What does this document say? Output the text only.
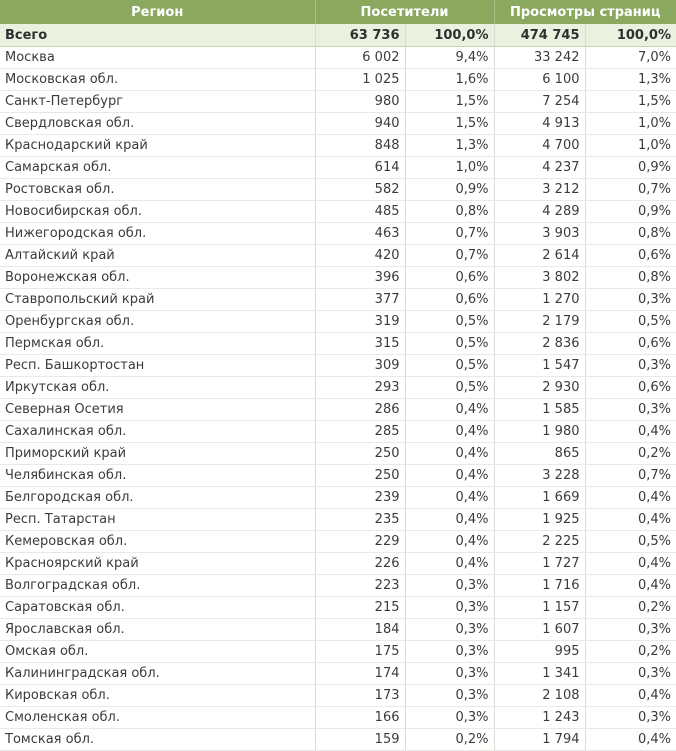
Регион	Посетители		Просмотры страниц	
Всего	63 736	100,0%	474 745	100,0%
Москва	6 002	9,4%	33 242	7,0%
Московская обл.	1 025	1,6%	6 100	1,3%
Санкт-Петербург	980	1,5%	7 254	1,5%
Свердловская обл.	940	1,5%	4 913	1,0%
Краснодарский край	848	1,3%	4 700	1,0%
Самарская обл.	614	1,0%	4 237	0,9%
Ростовская обл.	582	0,9%	3 212	0,7%
Новосибирская обл.	485	0,8%	4 289	0,9%
Нижегородская обл.	463	0,7%	3 903	0,8%
Алтайский край	420	0,7%	2 614	0,6%
Воронежская обл.	396	0,6%	3 802	0,8%
Ставропольский край	377	0,6%	1 270	0,3%
Оренбургская обл.	319	0,5%	2 179	0,5%
Пермская обл.	315	0,5%	2 836	0,6%
Респ. Башкортостан	309	0,5%	1 547	0,3%
Иркутская обл.	293	0,5%	2 930	0,6%
Северная Осетия	286	0,4%	1 585	0,3%
Сахалинская обл.	285	0,4%	1 980	0,4%
Приморский край	250	0,4%	865	0,2%
Челябинская обл.	250	0,4%	3 228	0,7%
Белгородская обл.	239	0,4%	1 669	0,4%
Респ. Татарстан	235	0,4%	1 925	0,4%
Кемеровская обл.	229	0,4%	2 225	0,5%
Красноярский край	226	0,4%	1 727	0,4%
Волгоградская обл.	223	0,3%	1 716	0,4%
Саратовская обл.	215	0,3%	1 157	0,2%
Ярославская обл.	184	0,3%	1 607	0,3%
Омская обл.	175	0,3%	995	0,2%
Калининградская обл.	174	0,3%	1 341	0,3%
Кировская обл.	173	0,3%	2 108	0,4%
Смоленская обл.	166	0,3%	1 243	0,3%
Томская обл.	159	0,2%	1 794	0,4%
